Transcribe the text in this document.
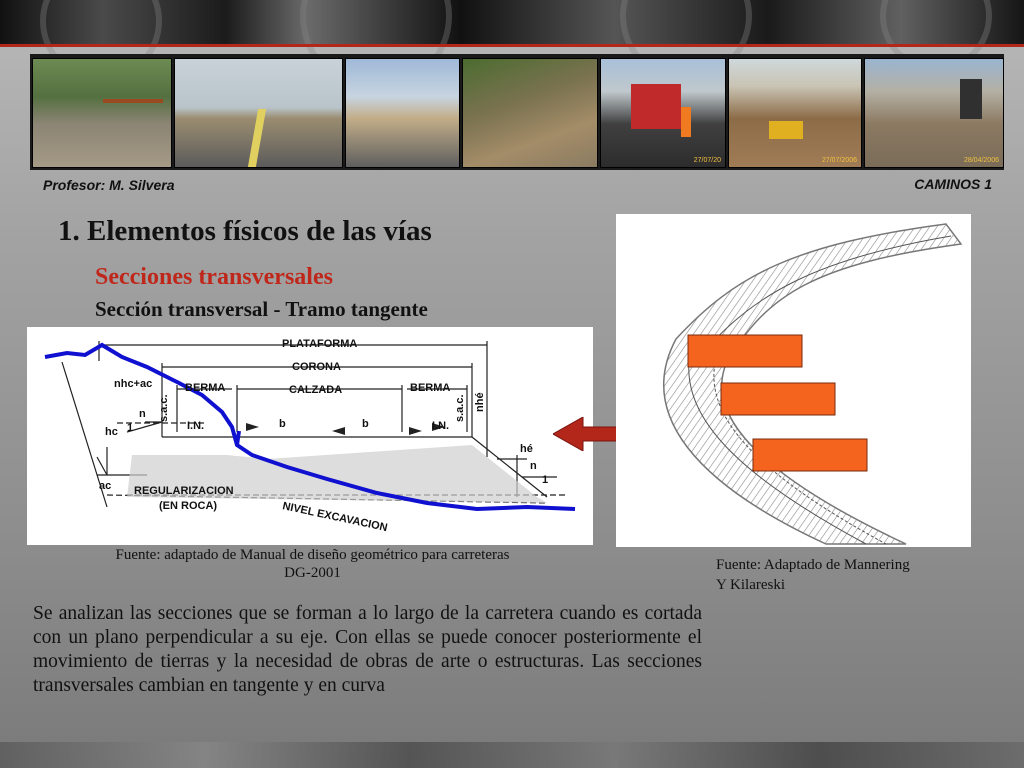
27/07/20	27/07/2006	28/04/2006
Profesor: M. Silvera	CAMINOS 1
1. Elementos físicos de las vías
Secciones transversales
Sección transversal - Tramo tangente
PLATAFORMA
CORONA
CALZADA
BERMA	BERMA
nhc+ac
s.a.c.	s.a.c. nhé
n
1
hc	I.N.	I.N.
b	b
hé
n
1
ac REGULARIZACION
(EN ROCA)	NIVEL EXCAVACION
Fuente: adaptado de Manual de diseño geométrico para carreteras
DG-2001	Fuente: Adaptado de Mannering
Y Kilareski
Se analizan las secciones que se forman a lo largo de la carretera cuando es cortada con un plano perpendicular a su eje. Con ellas se puede conocer posteriormente el movimiento de tierras y la necesidad de obras de arte o estructuras. Las secciones transversales cambian en tangente y en curva
